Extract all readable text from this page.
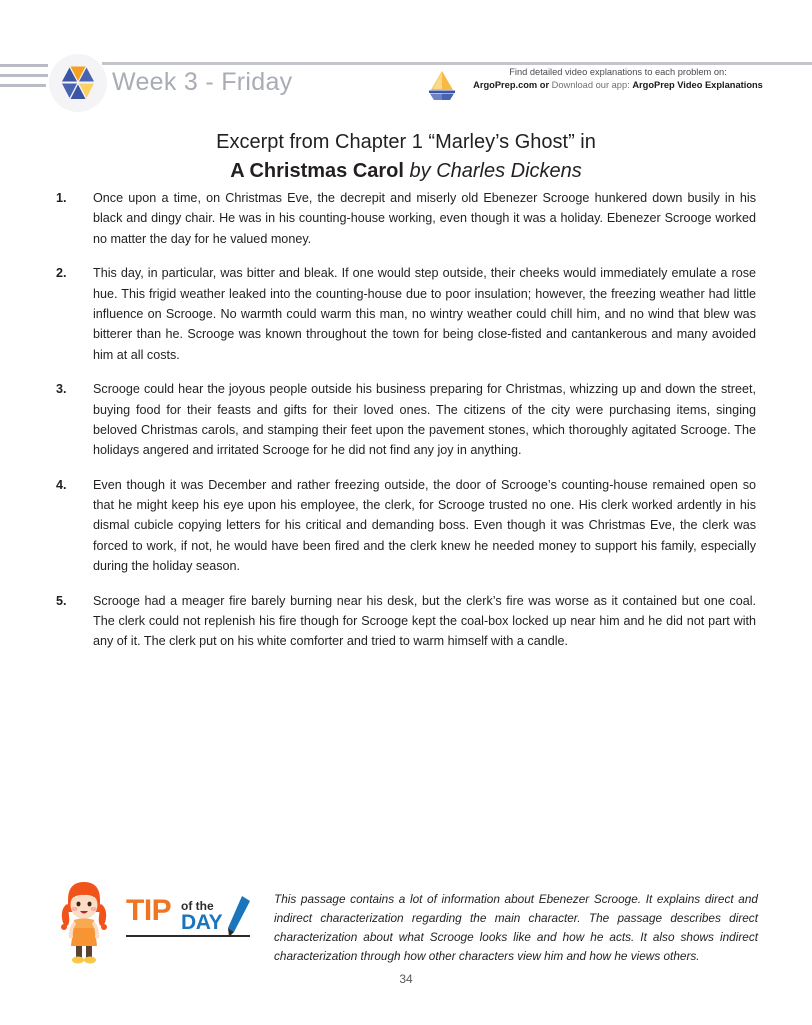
Week 3 - Friday	Find detailed video explanations to each problem on:
ArgoPrep.com or Download our app: ArgoPrep Video Explanations
Excerpt from Chapter 1 “Marley’s Ghost” in
A Christmas Carol by Charles Dickens
1. Once upon a time, on Christmas Eve, the decrepit and miserly old Ebenezer Scrooge hunkered down busily in his black and dingy chair. He was in his counting-house working, even though it was a holiday. Ebenezer Scrooge worked no matter the day for he valued money.
2. This day, in particular, was bitter and bleak. If one would step outside, their cheeks would immediately emulate a rose hue. This frigid weather leaked into the counting-house due to poor insulation; however, the freezing weather had little influence on Scrooge. No warmth could warm this man, no wintry weather could chill him, and no wind that blew was bitterer than he. Scrooge was known throughout the town for being close-fisted and cantankerous and many avoided him at all costs.
3. Scrooge could hear the joyous people outside his business preparing for Christmas, whizzing up and down the street, buying food for their feasts and gifts for their loved ones. The citizens of the city were purchasing items, singing beloved Christmas carols, and stamping their feet upon the pavement stones, which thoroughly agitated Scrooge. The holidays angered and irritated Scrooge for he did not find any joy in anything.
4. Even though it was December and rather freezing outside, the door of Scrooge’s counting-house remained open so that he might keep his eye upon his employee, the clerk, for Scrooge trusted no one. His clerk worked ardently in his dismal cubicle copying letters for his critical and demanding boss. Even though it was Christmas Eve, the clerk was forced to work, if not, he would have been fired and the clerk knew he needed money to support his family, especially during the holiday season.
5. Scrooge had a meager fire barely burning near his desk, but the clerk’s fire was worse as it contained but one coal. The clerk could not replenish his fire though for Scrooge kept the coal-box locked up near him and he did not part with any of it. The clerk put on his white comforter and tried to warm himself with a candle.
TIP of the
DAY
This passage contains a lot of information about Ebenezer Scrooge. It explains direct and indirect characterization regarding the main character. The passage describes direct characterization about what Scrooge looks like and how he acts. It also shows indirect characterization through how other characters view him and how he views others.
34
